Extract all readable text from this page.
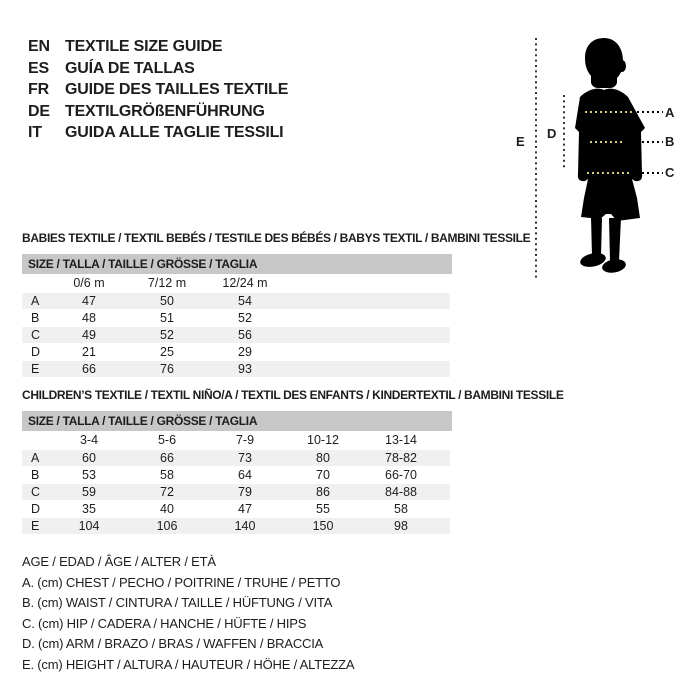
EN TEXTILE SIZE GUIDE
ES	GUÍA DE TALLAS
FR	GUIDE DES TAILLES TEXTILE
DE TEXTILGRÖßENFÜHRUNG
IT	GUIDA ALLE TAGLIE TESSILI
A
B
C
D
E
BABIES TEXTILE / TEXTIL BEBÉS / TESTILE DES BÉBÉS / BABYS TEXTIL / BAMBINI TESSILE
SIZE / TALLA / TAILLE / GRÖSSE / TAGLIA
	0/6 m	7/12 m	12/24 m	
A	47	50	54	
B	48	51	52	
C	49	52	56	
D	21	25	29	
E	66	76	93	
CHILDREN’S TEXTILE / TEXTIL NIÑO/A / TEXTIL DES ENFANTS / KINDERTEXTIL / BAMBINI TESSILE
SIZE / TALLA / TAILLE / GRÖSSE / TAGLIA
	3-4	5-6	7-9	10-12	13-14	
A	60	66	73	80	78-82	
B	53	58	64	70	66-70	
C	59	72	79	86	84-88	
D	35	40	47	55	58	
E	104	106	140	150	98	
AGE / EDAD / ÂGE / ALTER / ETÀ
A. (cm) CHEST / PECHO / POITRINE / TRUHE / PETTO
B. (cm) WAIST / CINTURA / TAILLE / HÜFTUNG / VITA
C. (cm) HIP / CADERA / HANCHE / HÜFTE / HIPS
D. (cm) ARM / BRAZO / BRAS / WAFFEN / BRACCIA
E. (cm) HEIGHT / ALTURA / HAUTEUR / HÖHE / ALTEZZA
